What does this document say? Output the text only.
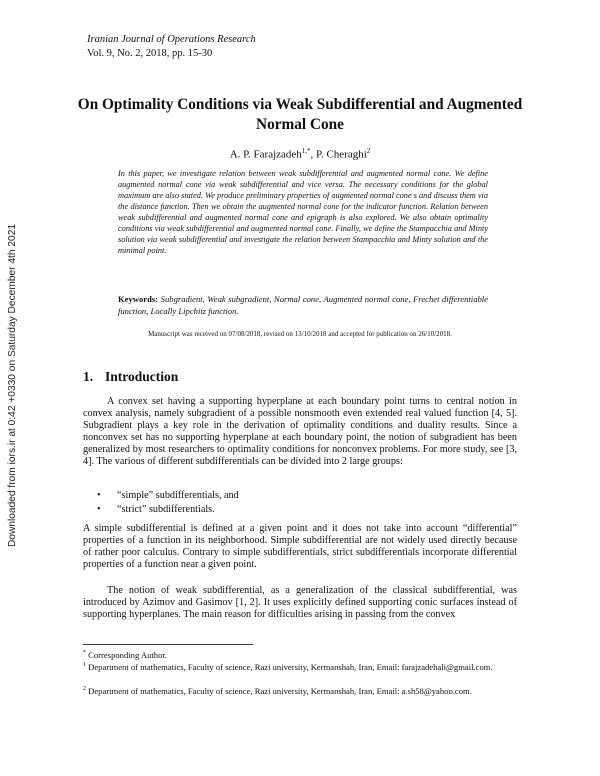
Downloaded from iors.ir at 0:42 +0330 on Saturday December 4th 2021
Iranian Journal of Operations Research
Vol. 9, No. 2, 2018, pp. 15-30
On Optimality Conditions via Weak Subdifferential and Augmented Normal Cone
A. P. Farajzadeh$^{1,*}$, P. Cheraghi$^2$
In this paper, we investigate relation between weak subdifferential and augmented normal cone. We define augmented normal cone via weak subdifferential and vice versa. The necessary conditions for the global maximum are also stated. We produce preliminary properties of augmented normal cone s and discuss them via the distance function. Then we obtain the augmented normal cone for the indicator function. Relation between weak subdifferential and augmented normal cone and epigraph is also explored. We also obtain optimality conditions via weak subdifferential and augmented normal cone. Finally, we define the Stampacchia and Minty solution via weak subdifferential and investigate the relation between Stampacchia and Minty solution and the minimal point.
Keywords: Subgradient, Weak subgradient, Normal cone, Augmented normal cone, Frechet differentiable function, Locally Lipchitz function.
Manuscript was received on 07/08/2018, revised on 13/10/2018 and accepted for publication on 26/10/2018.
1. Introduction

A convex set having a supporting hyperplane at each boundary point turns to central notion in convex analysis, namely subgradient of a possible nonsmooth even extended real valued function [4, 5]. Subgradient plays a key role in the derivation of optimality conditions and duality results. Since a nonconvex set has no supporting hyperplane at each boundary point, the notion of subgradient has been generalized by most researchers to optimality conditions for nonconvex problems. For more study, see [3, 4]. The various of different subdifferentials can be divided into 2 large groups:

•	“simple” subdifferentials, and
•	“strict” subdifferentials.

A simple subdifferential is defined at a given point and it does not take into account “differential” properties of a function in its neighborhood. Simple subdifferential are not widely used directly because of rather poor calculus. Contrary to simple subdifferentials, strict subdifferentials incorporate differential properties of a function near a given point.

The notion of weak subdifferential, as a generalization of the classical subdifferential, was introduced by Azimov and Gasimov [1, 2]. It uses explicitly defined supporting conic surfaces instead of supporting hyperplanes. The main reason for difficulties arising in passing from the convex

* Corresponding Author.
$^1$ Department of mathematics, Faculty of science, Razi university, Kermanshah, Iran, Email: farajzadehali@gmail.com.
$^2$ Department of mathematics, Faculty of science, Razi university, Kermanshah, Iran, Email: a.sh58@yahoo.com.
